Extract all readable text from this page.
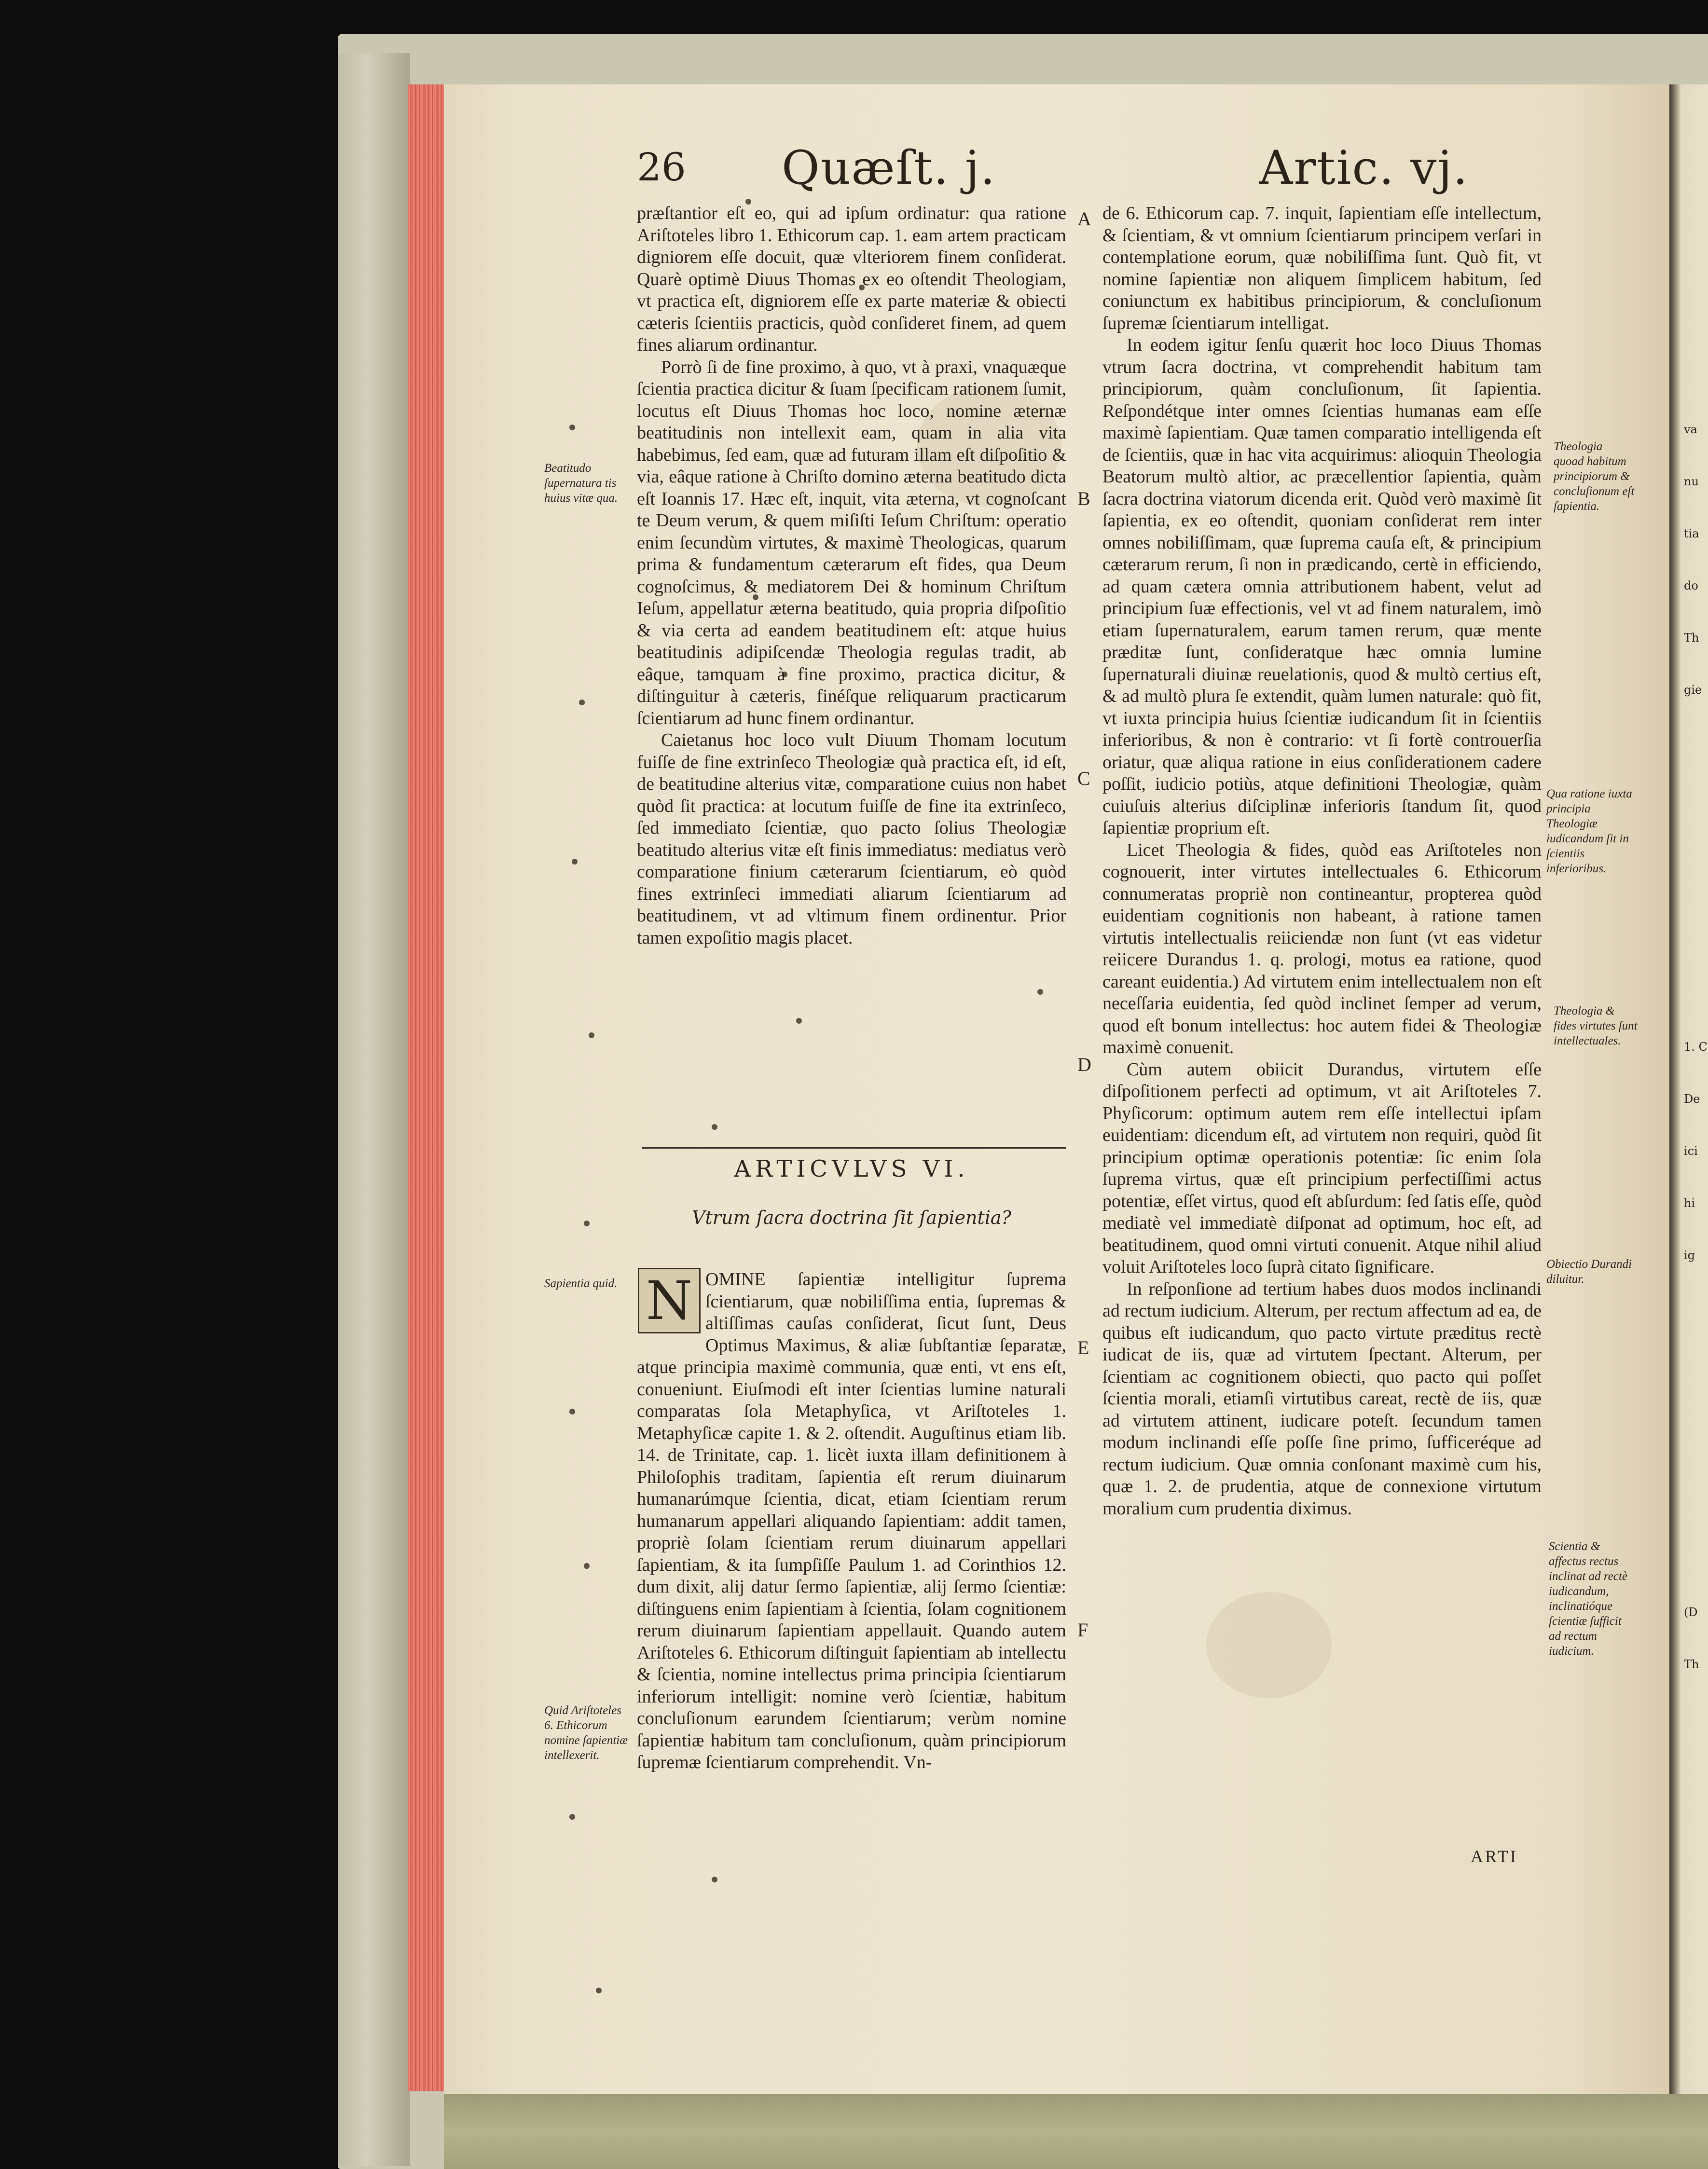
26 Quæſt. j.	Artic. vj.

præſtantior eſt eo, qui ad ipſum ordinatur: qua ratione Ariſtoteles libro 1. Ethicorum cap. 1. eam artem practicam digniorem eſſe docuit, quæ vlteriorem finem conſiderat. Quarè optimè Diuus Thomas ex eo oſtendit Theologiam, vt practica eſt, digniorem eſſe ex parte materiæ & obiecti cæteris ſcientiis practicis, quòd conſideret finem, ad quem fines aliarum ordinantur.

Porrò ſi de fine proximo, à quo, vt à praxi, vnaquæque ſcientia practica dicitur & ſuam ſpecificam rationem ſumit, locutus eſt Diuus Thomas hoc loco, nomine æternæ beatitudinis non intellexit eam, quam in alia vita habebimus, ſed eam, quæ ad futuram illam eſt diſpoſitio & via, eâque ratione à Chriſto domino æterna beatitudo dicta eſt Ioannis 17. Hæc eſt, inquit, vita æterna, vt cognoſcant te Deum verum, & quem miſiſti Ieſum Chriſtum: operatio enim ſecundùm virtutes, & maximè Theologicas, quarum prima & fundamentum cæterarum eſt fides, qua Deum cognoſcimus, & mediatorem Dei & hominum Chriſtum Ieſum, appellatur æterna beatitudo, quia propria diſpoſitio & via certa ad eandem beatitudinem eſt: atque huius beatitudinis adipiſcendæ Theologia regulas tradit, ab eâque, tamquam à fine proximo, practica dicitur, & diſtinguitur à cæteris, finéſque reliquarum practicarum ſcientiarum ad hunc finem ordinantur.

Caietanus hoc loco vult Diuum Thomam locutum fuiſſe de fine extrinſeco Theologiæ quà practica eſt, id eſt, de beatitudine alterius vitæ, comparatione cuius non habet quòd ſit practica: at locutum fuiſſe de fine ita extrinſeco, ſed immediato ſcientiæ, quo pacto ſolius Theologiæ beatitudo alterius vitæ eſt finis immediatus: mediatus verò comparatione finium cæterarum ſcientiarum, eò quòd fines extrinſeci immediati aliarum ſcientiarum ad beatitudinem, vt ad vltimum finem ordinentur. Prior tamen expoſitio magis placet.

ARTICVLVS VI.
Vtrum ſacra doctrina ſit ſapientia?

OMINE ſapientiæ intelligitur ſuprema ſcientiarum, quæ nobiliſſima entia, ſupremas & altiſſimas cauſas conſiderat, ſicut ſunt, Deus Optimus Maximus, & aliæ ſubſtantiæ ſeparatæ, atque principia maximè communia, quæ enti, vt ens eſt, conueniunt. Eiuſmodi eſt inter ſcientias lumine naturali comparatas ſola Metaphyſica, vt Ariſtoteles 1. Metaphyſicæ capite 1. & 2. oſtendit. Auguſtinus etiam lib. 14. de Trinitate, cap. 1. licèt iuxta illam definitionem à Philoſophis traditam, ſapientia eſt rerum diuinarum humanarúmque ſcientia, dicat, etiam ſcientiam rerum humanarum appellari aliquando ſapientiam: addit tamen, propriè ſolam ſcientiam rerum diuinarum appellari ſapientiam, & ita ſumpſiſſe Paulum 1. ad Corinthios 12. dum dixit, alij datur ſermo ſapientiæ, alij ſermo ſcientiæ: diſtinguens enim ſapientiam à ſcientia, ſolam cognitionem rerum diuinarum ſapientiam appellauit. Quando autem Ariſtoteles 6. Ethicorum diſtinguit ſapientiam ab intellectu & ſcientia, nomine intellectus prima principia ſcientiarum inferiorum intelligit: nomine verò ſcientiæ, habitum concluſionum earundem ſcientiarum; verùm nomine ſapientiæ habitum tam concluſionum, quàm principiorum ſupremæ ſcientiarum comprehendit. Vn-

N

de 6. Ethicorum cap. 7. inquit, ſapientiam eſſe intellectum, & ſcientiam, & vt omnium ſcientiarum principem verſari in contemplatione eorum, quæ nobiliſſima ſunt. Quò fit, vt nomine ſapientiæ non aliquem ſimplicem habitum, ſed coniunctum ex habitibus principiorum, & concluſionum ſupremæ ſcientiarum intelligat.

In eodem igitur ſenſu quærit hoc loco Diuus Thomas vtrum ſacra doctrina, vt comprehendit habitum tam principiorum, quàm concluſionum, ſit ſapientia. Reſpondétque inter omnes ſcientias humanas eam eſſe maximè ſapientiam. Quæ tamen comparatio intelligenda eſt de ſcientiis, quæ in hac vita acquirimus: alioquin Theologia Beatorum multò altior, ac præcellentior ſapientia, quàm ſacra doctrina viatorum dicenda erit. Quòd verò maximè ſit ſapientia, ex eo oſtendit, quoniam conſiderat rem inter omnes nobiliſſimam, quæ ſuprema cauſa eſt, & principium cæterarum rerum, ſi non in prædicando, certè in efficiendo, ad quam cætera omnia attributionem habent, velut ad principium ſuæ effectionis, vel vt ad finem naturalem, imò etiam ſupernaturalem, earum tamen rerum, quæ mente præditæ ſunt, conſideratque hæc omnia lumine ſupernaturali diuinæ reuelationis, quod & multò certius eſt, & ad multò plura ſe extendit, quàm lumen naturale: quò fit, vt iuxta principia huius ſcientiæ iudicandum ſit in ſcientiis inferioribus, & non è contrario: vt ſi fortè controuerſia oriatur, quæ aliqua ratione in eius conſiderationem cadere poſſit, iudicio potiùs, atque definitioni Theologiæ, quàm cuiuſuis alterius diſciplinæ inferioris ſtandum ſit, quod ſapientiæ proprium eſt.

Licet Theologia & fides, quòd eas Ariſtoteles non cognouerit, inter virtutes intellectuales 6. Ethicorum connumeratas propriè non contineantur, propterea quòd euidentiam cognitionis non habeant, à ratione tamen virtutis intellectualis reiiciendæ non ſunt (vt eas videtur reiicere Durandus 1. q. prologi, motus ea ratione, quod careant euidentia.) Ad virtutem enim intellectualem non eſt neceſſaria euidentia, ſed quòd inclinet ſemper ad verum, quod eſt bonum intellectus: hoc autem fidei & Theologiæ maximè conuenit.

Cùm autem obiicit Durandus, virtutem eſſe diſpoſitionem perfecti ad optimum, vt ait Ariſtoteles 7. Phyſicorum: optimum autem rem eſſe intellectui ipſam euidentiam: dicendum eſt, ad virtutem non requiri, quòd ſit principium optimæ operationis potentiæ: ſic enim ſola ſuprema virtus, quæ eſt principium perfectiſſimi actus potentiæ, eſſet virtus, quod eſt abſurdum: ſed ſatis eſſe, quòd mediatè vel immediatè diſponat ad optimum, hoc eſt, ad beatitudinem, quod omni virtuti conuenit. Atque nihil aliud voluit Ariſtoteles loco ſuprà citato ſignificare.

In reſponſione ad tertium habes duos modos inclinandi ad rectum iudicium. Alterum, per rectum affectum ad ea, de quibus eſt iudicandum, quo pacto virtute præditus rectè iudicat de iis, quæ ad virtutem ſpectant. Alterum, per ſcientiam ac cognitionem obiecti, quo pacto qui poſſet ſcientia morali, etiamſi virtutibus careat, rectè de iis, quæ ad virtutem attinent, iudicare poteſt. ſecundum tamen modum inclinandi eſſe poſſe ſine primo, ſufficeréque ad rectum iudicium. Quæ omnia conſonant maximè cum his, quæ 1. 2. de prudentia, atque de connexione virtutum moralium cum prudentia diximus.

ARTI
A
B
C
D
E
F
Beatitudo ſupernatura tis huius vitæ qua.
Sapientia quid.
Quid Ariſtoteles 6. Ethicorum nomine ſapientiæ intellexerit.
Theologia quoad habitum principiorum & concluſionum eſt ſapientia.
Qua ratione iuxta principia Theologiæ iudicandum ſit in ſcientiis inferioribus.
Theologia & fides virtutes ſunt intellectuales.
Obiectio Durandi diluitur.
Scientia & affectus rectus inclinat ad rectè iudicandum, inclinatióque ſcientiæ ſufficit ad rectum iudicium.

va

nu

tia

do

Th

gie

1. C

De

ici

hi

ig

(D

Th
